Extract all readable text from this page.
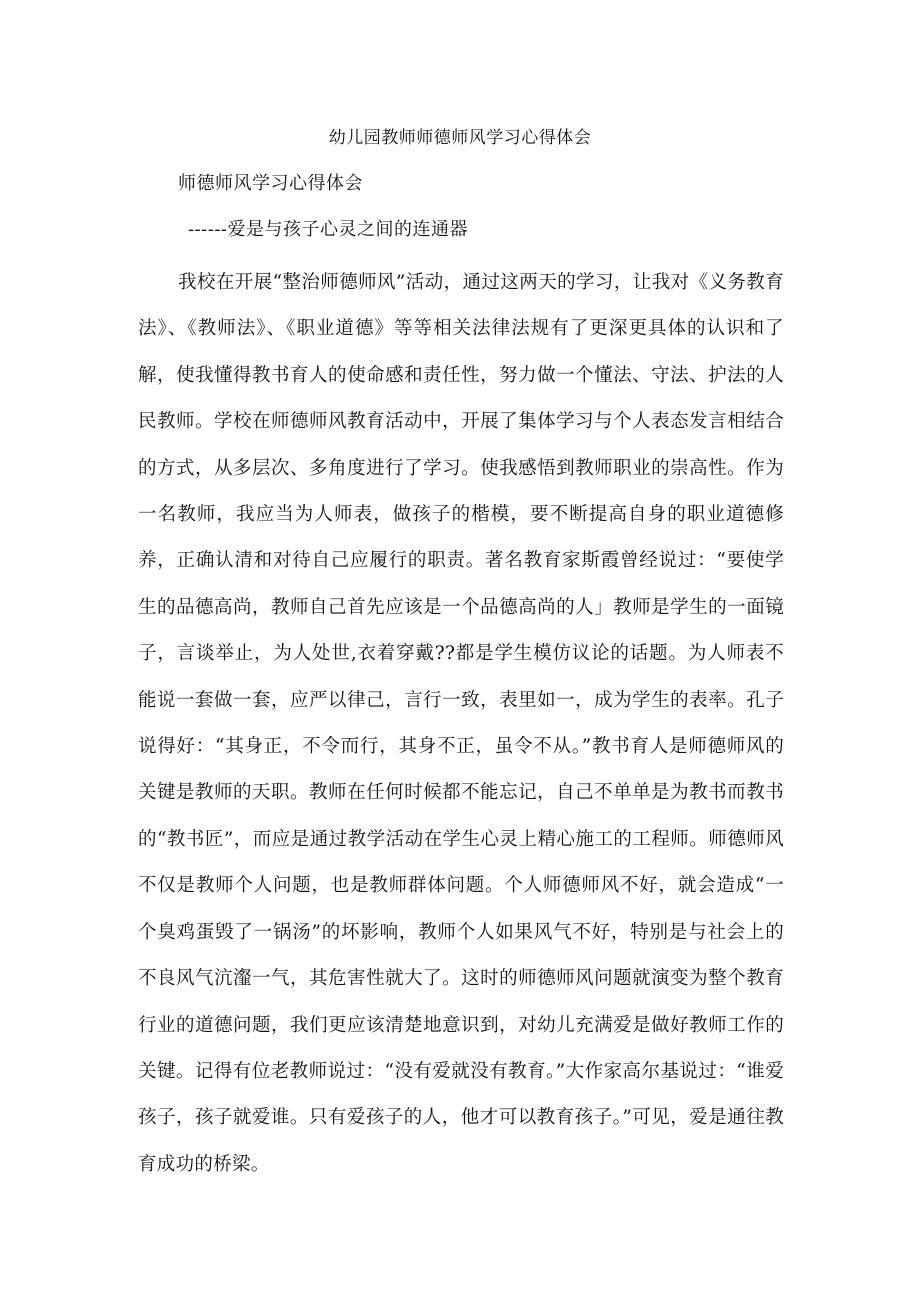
幼儿园教师师德师风学习心得体会
师德师风学习心得体会
------爱是与孩子心灵之间的连通器

我校在开展“整治师德师风”活动，通过这两天的学习，让我对《义务教育法》、《教师法》、《职业道德》等等相关法律法规有了更深更具体的认识和了解，使我懂得教书育人的使命感和责任性，努力做一个懂法、守法、护法的人民教师。学校在师德师风教育活动中，开展了集体学习与个人表态发言相结合的方式，从多层次、多角度进行了学习。使我感悟到教师职业的崇高性。作为一名教师，我应当为人师表，做孩子的楷模，要不断提高自身的职业道德修养，正确认清和对待自己应履行的职责。著名教育家斯霞曾经说过：“要使学生的品德高尚，教师自己首先应该是一个品德高尚的人」教师是学生的一面镜子，言谈举止，为人处世,衣着穿戴??都是学生模仿议论的话题。为人师表不能说一套做一套，应严以律己，言行一致，表里如一，成为学生的表率。孔子说得好：“其身正，不令而行，其身不正，虽令不从。”教书育人是师德师风的关键是教师的天职。教师在任何时候都不能忘记，自己不单单是为教书而教书的“教书匠”，而应是通过教学活动在学生心灵上精心施工的工程师。师德师风不仅是教师个人问题，也是教师群体问题。个人师德师风不好，就会造成“一个臭鸡蛋毁了一锅汤”的坏影响，教师个人如果风气不好，特别是与社会上的不良风气沆瀣一气，其危害性就大了。这时的师德师风问题就演变为整个教育行业的道德问题，我们更应该清楚地意识到，对幼儿充满爱是做好教师工作的关键。记得有位老教师说过：“没有爱就没有教育。”大作家高尔基说过：“谁爱孩子，孩子就爱谁。只有爱孩子的人，他才可以教育孩子。”可见，爱是通往教育成功的桥梁。
